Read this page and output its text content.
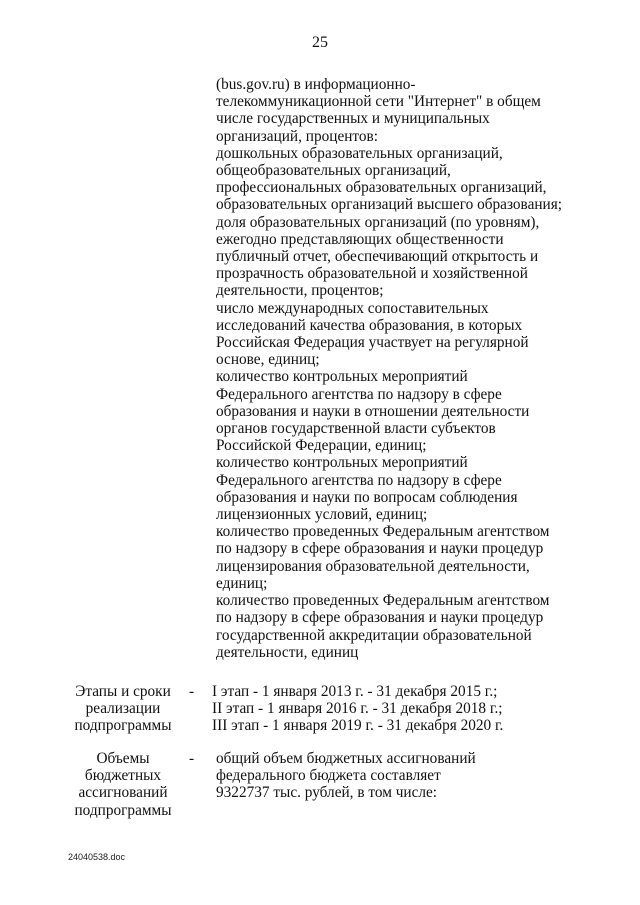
25
(bus.gov.ru) в информационно-
телекоммуникационной сети "Интернет" в общем
числе государственных и муниципальных
организаций, процентов:
дошкольных образовательных организаций,
общеобразовательных организаций,
профессиональных образовательных организаций,
образовательных организаций высшего образования;
доля образовательных организаций (по уровням),
ежегодно представляющих общественности
публичный отчет, обеспечивающий открытость и
прозрачность образовательной и хозяйственной
деятельности, процентов;
число международных сопоставительных
исследований качества образования, в которых
Российская Федерация участвует на регулярной
основе, единиц;
количество контрольных мероприятий
Федерального агентства по надзору в сфере
образования и науки в отношении деятельности
органов государственной власти субъектов
Российской Федерации, единиц;
количество контрольных мероприятий
Федерального агентства по надзору в сфере
образования и науки по вопросам соблюдения
лицензионных условий, единиц;
количество проведенных Федеральным агентством
по надзору в сфере образования и науки процедур
лицензирования образовательной деятельности,
единиц;
количество проведенных Федеральным агентством
по надзору в сфере образования и науки процедур
государственной аккредитации образовательной
деятельности, единиц
Этапы и сроки
реализации
подпрограммы
- I этап - 1 января 2013 г. - 31 декабря 2015 г.;
II этап - 1 января 2016 г. - 31 декабря 2018 г.;
III этап - 1 января 2019 г. - 31 декабря 2020 г.
Объемы
бюджетных
ассигнований
подпрограммы
- общий объем бюджетных ассигнований
федерального бюджета составляет
9322737 тыс. рублей, в том числе:
24040538.doc
